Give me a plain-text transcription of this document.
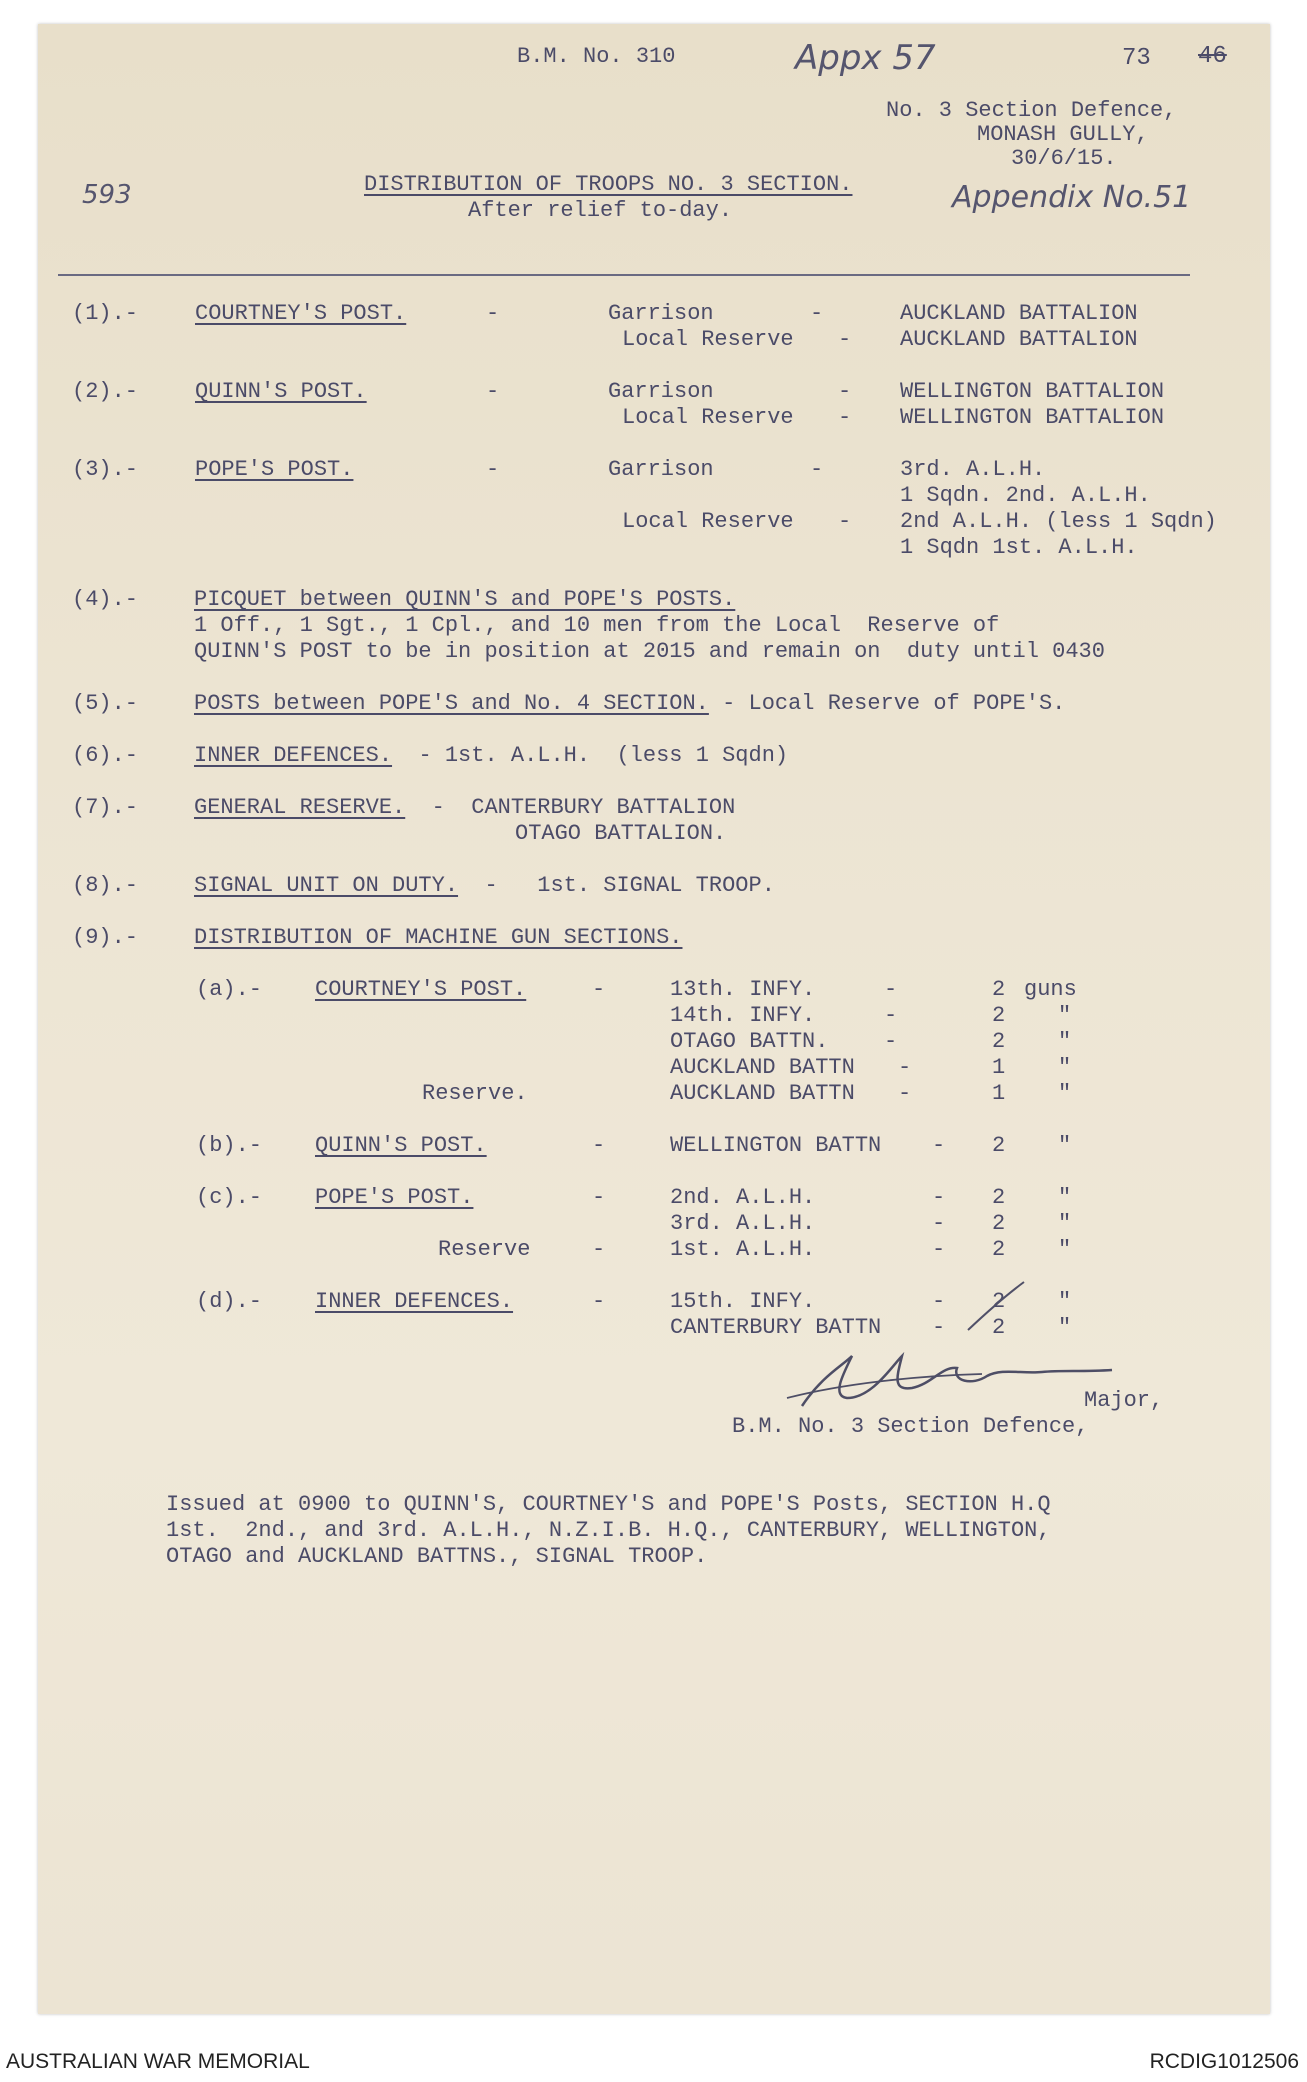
B.M. No. 310	Appx 57	73 46
No. 3 Section Defence,
MONASH GULLY,
30/6/15.
Appendix No.51
593	DISTRIBUTION OF TROOPS NO. 3 SECTION.
After relief to-day.
(1).-	COURTNEY'S POST.	-	Garrison	-	AUCKLAND BATTALION
Local Reserve - AUCKLAND BATTALION
(2).-	QUINN'S POST.	-	Garrison	- WELLINGTON BATTALION
Local Reserve - WELLINGTON BATTALION
(3).-	POPE'S POST.	-	Garrison	-	3rd. A.L.H.
1 Sqdn. 2nd. A.L.H.
Local Reserve - 2nd A.L.H. (less 1 Sqdn)
1 Sqdn 1st. A.L.H.
(4).-	PICQUET between QUINN'S and POPE'S POSTS.
1 Off., 1 Sgt., 1 Cpl., and 10 men from the Local  Reserve of
QUINN'S POST to be in position at 2015 and remain on  duty until 0430
(5).-	POSTS between POPE'S and No. 4 SECTION. - Local Reserve of POPE'S.
(6).-	INNER DEFENCES.  - 1st. A.L.H.  (less 1 Sqdn)
(7).-	GENERAL RESERVE.  -  CANTERBURY BATTALION
OTAGO BATTALION.
(8).-	SIGNAL UNIT ON DUTY.  -   1st. SIGNAL TROOP.
(9).-	DISTRIBUTION OF MACHINE GUN SECTIONS.
(a).- COURTNEY'S POST.	-	13th. INFY.	-	2 guns
14th. INFY.	-	2 "
OTAGO BATTN.	-	2 "
AUCKLAND BATTN -	1 "
Reserve.	AUCKLAND BATTN -	1 "
(b).- QUINN'S POST.	-	WELLINGTON BATTN - 2 "
(c).- POPE'S POST.	-	2nd. A.L.H.	- 2 "
3rd. A.L.H.	- 2 "
Reserve	-	1st. A.L.H.	- 2 "
(d).- INNER DEFENCES.	-	15th. INFY.	- 2 "
CANTERBURY BATTN - 2 "
Major,
B.M. No. 3 Section Defence,
Issued at 0900 to QUINN'S, COURTNEY'S and POPE'S Posts, SECTION H.Q
1st.  2nd., and 3rd. A.L.H., N.Z.I.B. H.Q., CANTERBURY, WELLINGTON,
OTAGO and AUCKLAND BATTNS., SIGNAL TROOP.
AUSTRALIAN WAR MEMORIAL	RCDIG1012506
